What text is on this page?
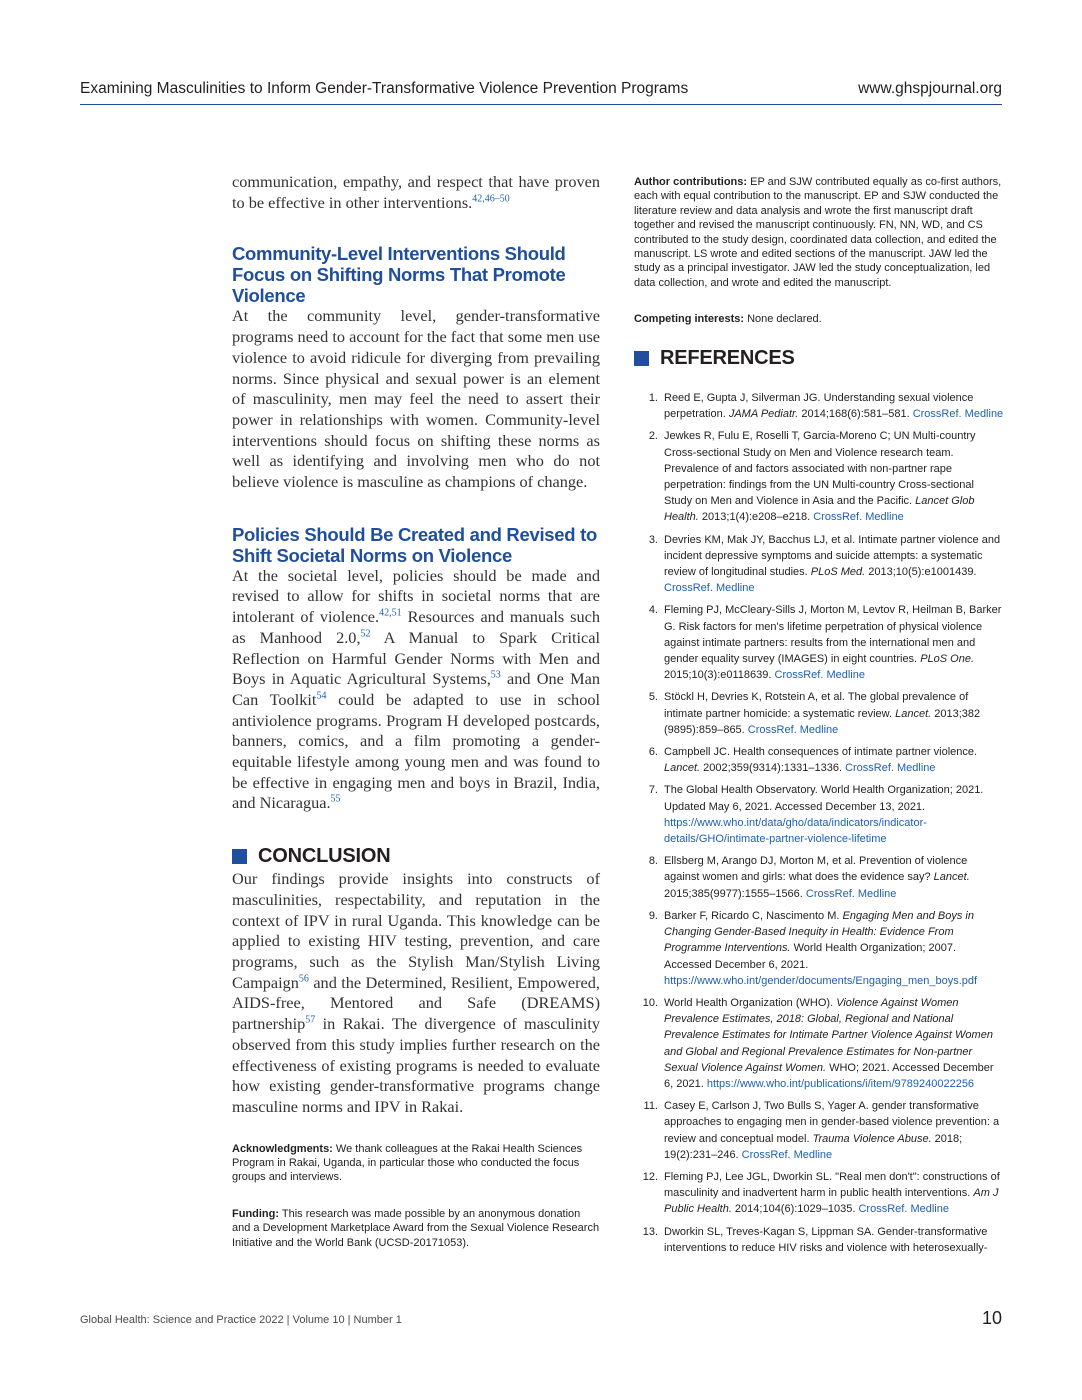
Examining Masculinities to Inform Gender-Transformative Violence Prevention Programs	www.ghspjournal.org

communication, empathy, and respect that have proven to be effective in other interventions.$^{42,46-50}$

Community-Level Interventions Should Focus on Shifting Norms That Promote Violence

At the community level, gender-transformative programs need to account for the fact that some men use violence to avoid ridicule for diverging from prevailing norms. Since physical and sexual power is an element of masculinity, men may feel the need to assert their power in relationships with women. Community-level interventions should focus on shifting these norms as well as identifying and involving men who do not believe violence is masculine as champions of change.

Policies Should Be Created and Revised to Shift Societal Norms on Violence

At the societal level, policies should be made and revised to allow for shifts in societal norms that are intolerant of violence.$^{42,51}$ Resources and manuals such as Manhood 2.0,52 A Manual to Spark Critical Reflection on Harmful Gender Norms with Men and Boys in Aquatic Agricultural Systems,$^{53}$ and One Man Can Toolkit$^{54}$ could be adapted to use in school antiviolence programs. Program H developed postcards, banners, comics, and a film promoting a gender-equitable lifestyle among young men and was found to be effective in engaging men and boys in Brazil, India, and Nicaragua.$^{55}$

CONCLUSION

Our findings provide insights into constructs of masculinities, respectability, and reputation in the context of IPV in rural Uganda. This knowledge can be applied to existing HIV testing, prevention, and care programs, such as the Stylish Man/Stylish Living Campaign$^{56}$ and the Determined, Resilient, Empowered, AIDS-free, Mentored and Safe (DREAMS) partnership$^{57}$ in Rakai. The divergence of masculinity observed from this study implies further research on the effectiveness of existing programs is needed to evaluate how existing gender-transformative programs change masculine norms and IPV in Rakai.

Acknowledgments: We thank colleagues at the Rakai Health Sciences Program in Rakai, Uganda, in particular those who conducted the focus groups and interviews.
Funding: This research was made possible by an anonymous donation and a Development Marketplace Award from the Sexual Violence Research Initiative and the World Bank (UCSD-20171053).
Author contributions: EP and SJW contributed equally as co-first authors, each with equal contribution to the manuscript. EP and SJW conducted the literature review and data analysis and wrote the first manuscript draft together and revised the manuscript continuously. FN, NN, WD, and CS contributed to the study design, coordinated data collection, and edited the manuscript. LS wrote and edited sections of the manuscript. JAW led the study as a principal investigator. JAW led the study conceptualization, led data collection, and wrote and edited the manuscript.
Competing interests: None declared.
REFERENCES
1. Reed E, Gupta J, Silverman JG. Understanding sexual violence perpetration. JAMA Pediatr. 2014;168(6):581–581. CrossRef. Medline
2. Jewkes R, Fulu E, Roselli T, Garcia-Moreno C; UN Multi-country Cross-sectional Study on Men and Violence research team. Prevalence of and factors associated with non-partner rape perpetration: findings from the UN Multi-country Cross-sectional Study on Men and Violence in Asia and the Pacific. Lancet Glob Health. 2013;1(4):e208–e218. CrossRef. Medline
3. Devries KM, Mak JY, Bacchus LJ, et al. Intimate partner violence and incident depressive symptoms and suicide attempts: a systematic review of longitudinal studies. PLoS Med. 2013;10(5):e1001439. CrossRef. Medline
4. Fleming PJ, McCleary-Sills J, Morton M, Levtov R, Heilman B, Barker G. Risk factors for men's lifetime perpetration of physical violence against intimate partners: results from the international men and gender equality survey (IMAGES) in eight countries. PLoS One. 2015;10(3):e0118639. CrossRef. Medline
5. Stöckl H, Devries K, Rotstein A, et al. The global prevalence of intimate partner homicide: a systematic review. Lancet. 2013;382 (9895):859–865. CrossRef. Medline
6. Campbell JC. Health consequences of intimate partner violence. Lancet. 2002;359(9314):1331–1336. CrossRef. Medline
7. The Global Health Observatory. World Health Organization; 2021. Updated May 6, 2021. Accessed December 13, 2021. https://www.who.int/data/gho/data/indicators/indicator-details/GHO/intimate-partner-violence-lifetime
8. Ellsberg M, Arango DJ, Morton M, et al. Prevention of violence against women and girls: what does the evidence say? Lancet. 2015;385(9977):1555–1566. CrossRef. Medline
9. Barker F, Ricardo C, Nascimento M. Engaging Men and Boys in Changing Gender-Based Inequity in Health: Evidence From Programme Interventions. World Health Organization; 2007. Accessed December 6, 2021. https://www.who.int/gender/documents/Engaging_men_boys.pdf
10. World Health Organization (WHO). Violence Against Women Prevalence Estimates, 2018: Global, Regional and National Prevalence Estimates for Intimate Partner Violence Against Women and Global and Regional Prevalence Estimates for Non-partner Sexual Violence Against Women. WHO; 2021. Accessed December 6, 2021. https://www.who.int/publications/i/item/9789240022256
11. Casey E, Carlson J, Two Bulls S, Yager A. gender transformative approaches to engaging men in gender-based violence prevention: a review and conceptual model. Trauma Violence Abuse. 2018; 19(2):231–246. CrossRef. Medline
12. Fleming PJ, Lee JGL, Dworkin SL. "Real men don't": constructions of masculinity and inadvertent harm in public health interventions. Am J Public Health. 2014;104(6):1029–1035. CrossRef. Medline
13. Dworkin SL, Treves-Kagan S, Lippman SA. Gender-transformative interventions to reduce HIV risks and violence with heterosexually-
Global Health: Science and Practice 2022 | Volume 10 | Number 1	10
